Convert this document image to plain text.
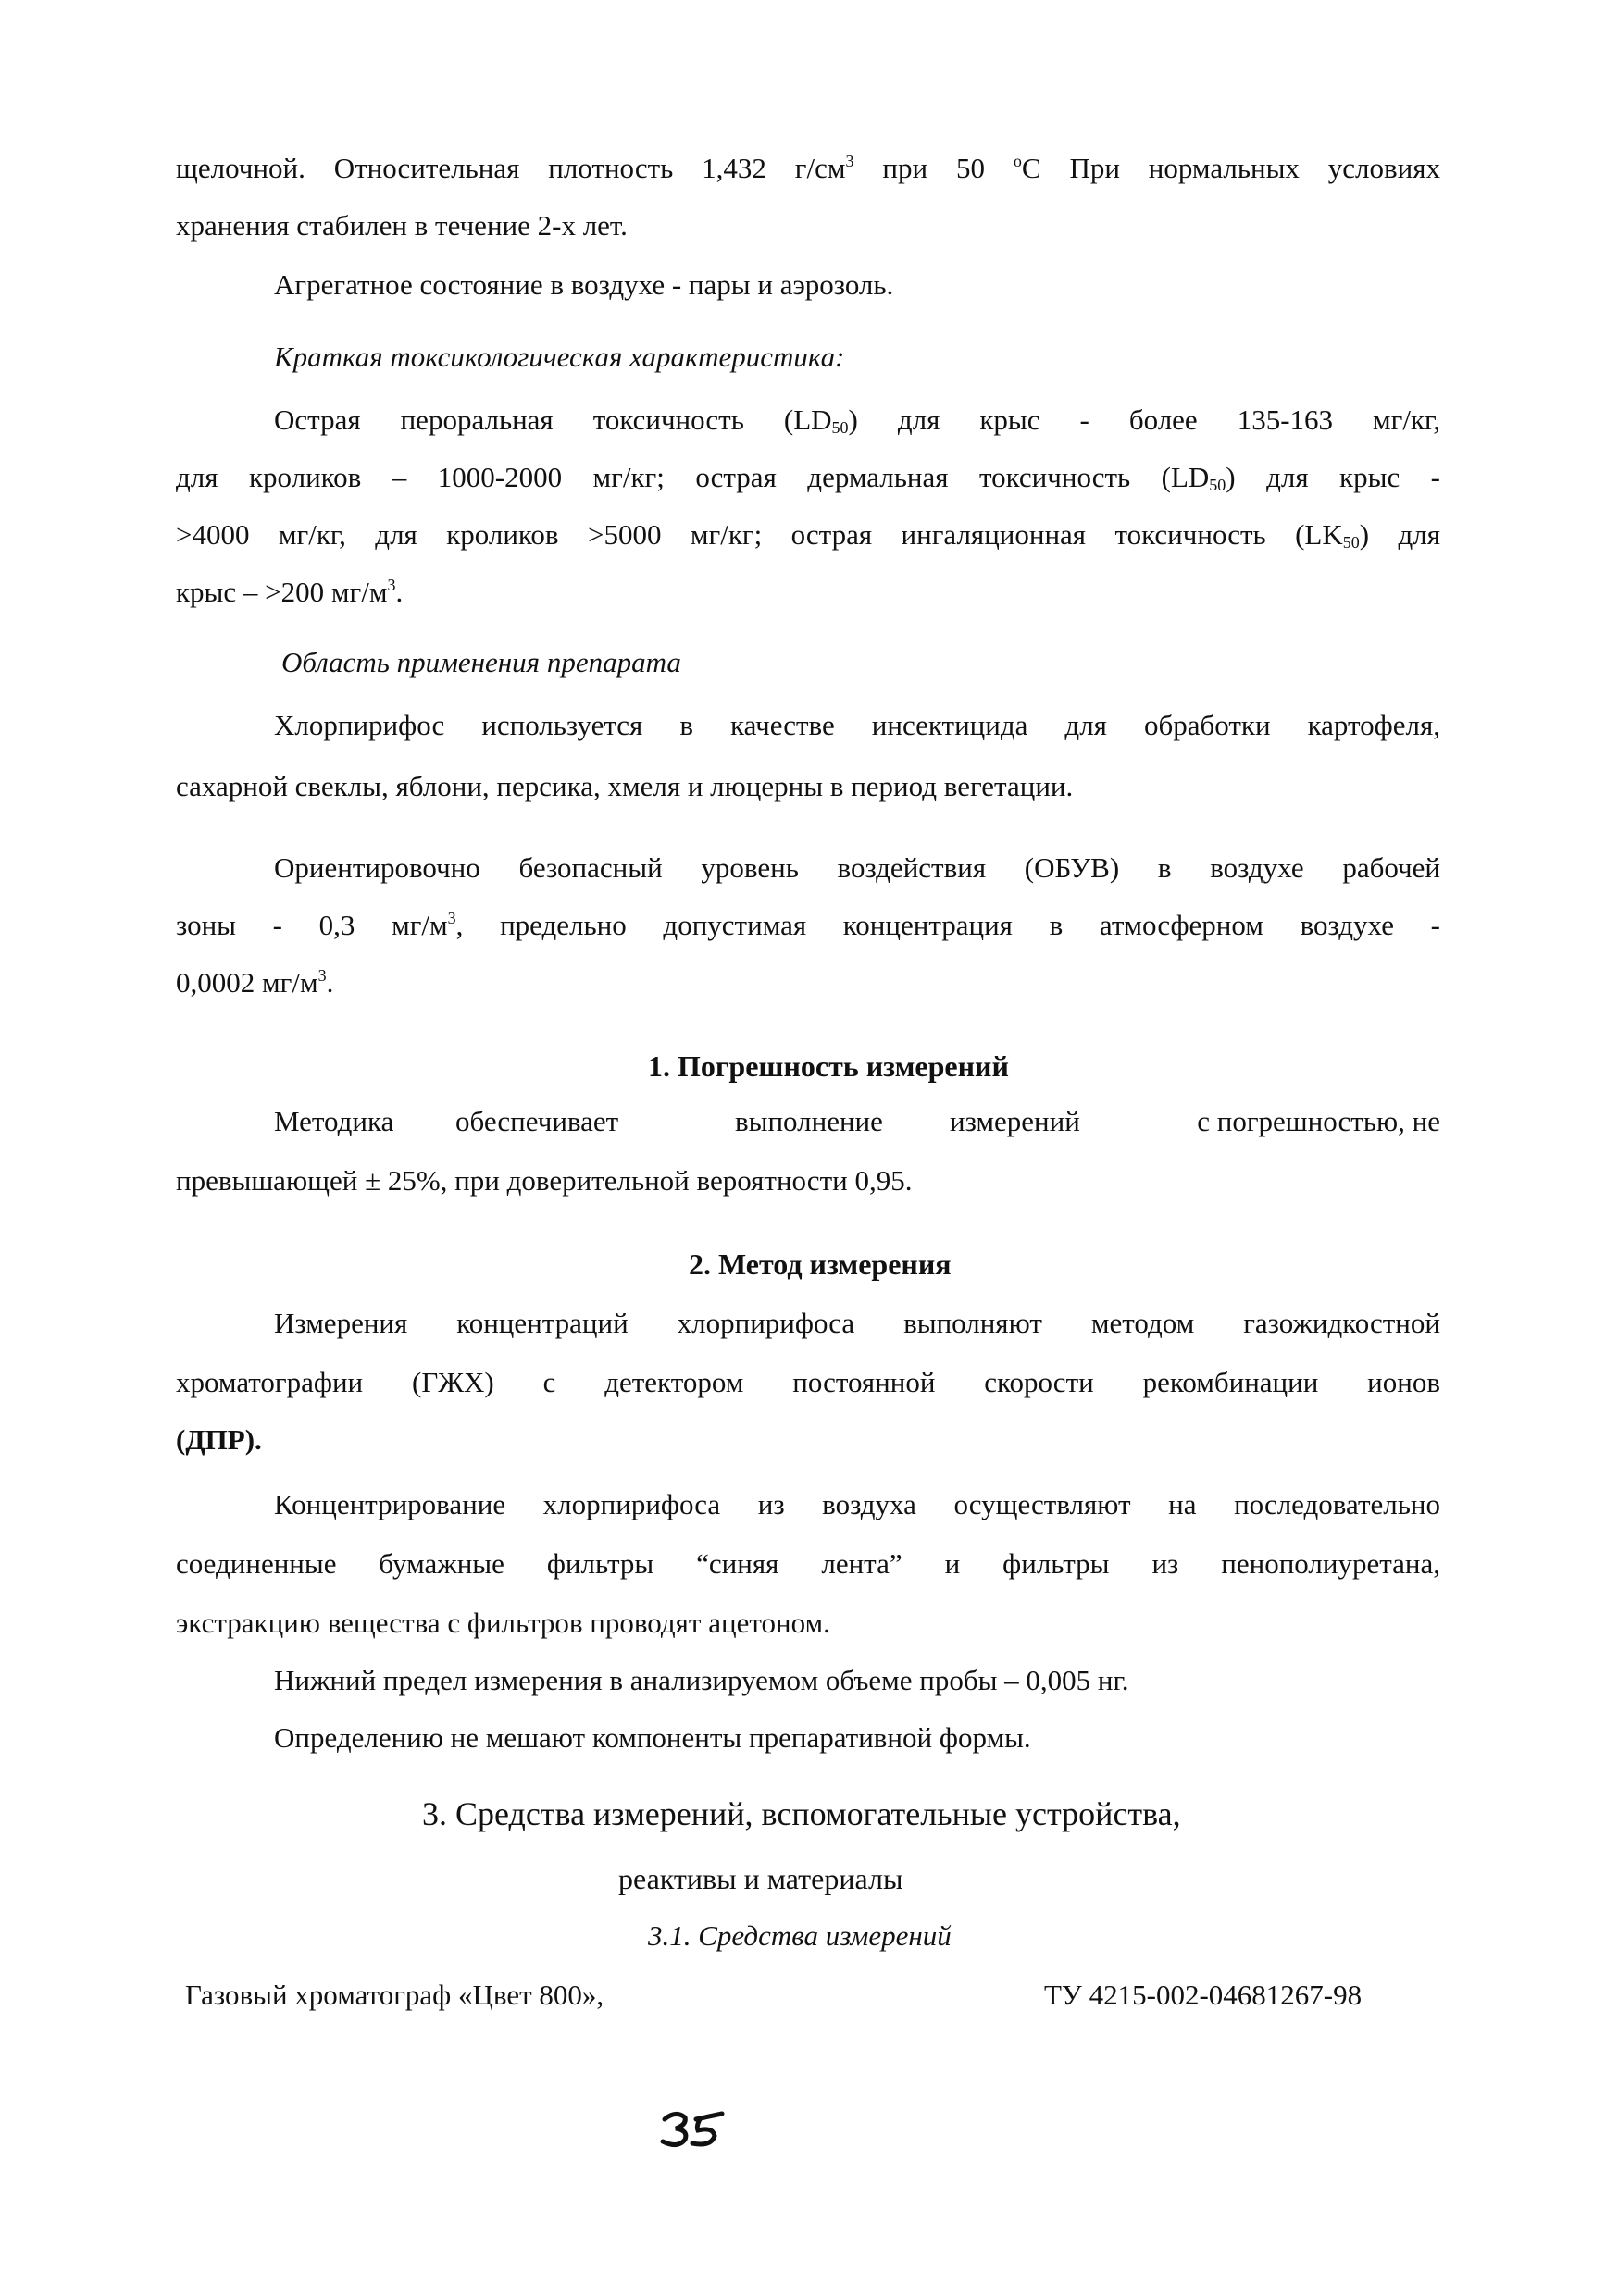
щелочной. Относительная плотность 1,432 $г/см^3$ при 50 $^о$С При нормальных условиях
хранения стабилен в течение 2-х лет.
Агрегатное состояние в воздухе - пары и аэрозоль.
Краткая токсикологическая характеристика:
Острая пероральная токсичность $(LD_{50})$ для крыс - более 135-163 мг/кг,
для кроликов – 1000-2000 мг/кг; острая дермальная токсичность $(LD_{50})$ для крыс -
>4000 мг/кг, для кроликов >5000 мг/кг; острая ингаляционная токсичность $(LK_{50})$ для
крыс – >200 $мг/м^3$.
Область применения препарата
Хлорпирифос используется в качестве инсектицида для обработки картофеля,
сахарной свеклы, яблони, персика, хмеля и люцерны в период вегетации.
Ориентировочно безопасный уровень воздействия (ОБУВ) в воздухе рабочей
зоны - 0,3 $мг/м^3$, предельно допустимая концентрация в атмосферном воздухе -
0,0002 $мг/м^3$.
1. Погрешность измерений
Методика обеспечивает	выполнение измерений	с погрешностью, не
превышающей ± 25%, при доверительной вероятности 0,95.
2. Метод измерения
Измерения концентраций хлорпирифоса выполняют методом газожидкостной
хроматографии (ГЖХ) с детектором постоянной скорости рекомбинации ионов
(ДПР).
Концентрирование хлорпирифоса из воздуха осуществляют на последовательно
соединенные бумажные фильтры “синяя лента” и фильтры из пенополиуретана,
экстракцию вещества с фильтров проводят ацетоном.
Нижний предел измерения в анализируемом объеме пробы – 0,005 нг.
Определению не мешают компоненты препаративной формы.
3. Средства измерений, вспомогательные устройства,
реактивы и материалы
3.1. Средства измерений
Газовый хроматограф «Цвет 800»,	ТУ 4215-002-04681267-98
35
